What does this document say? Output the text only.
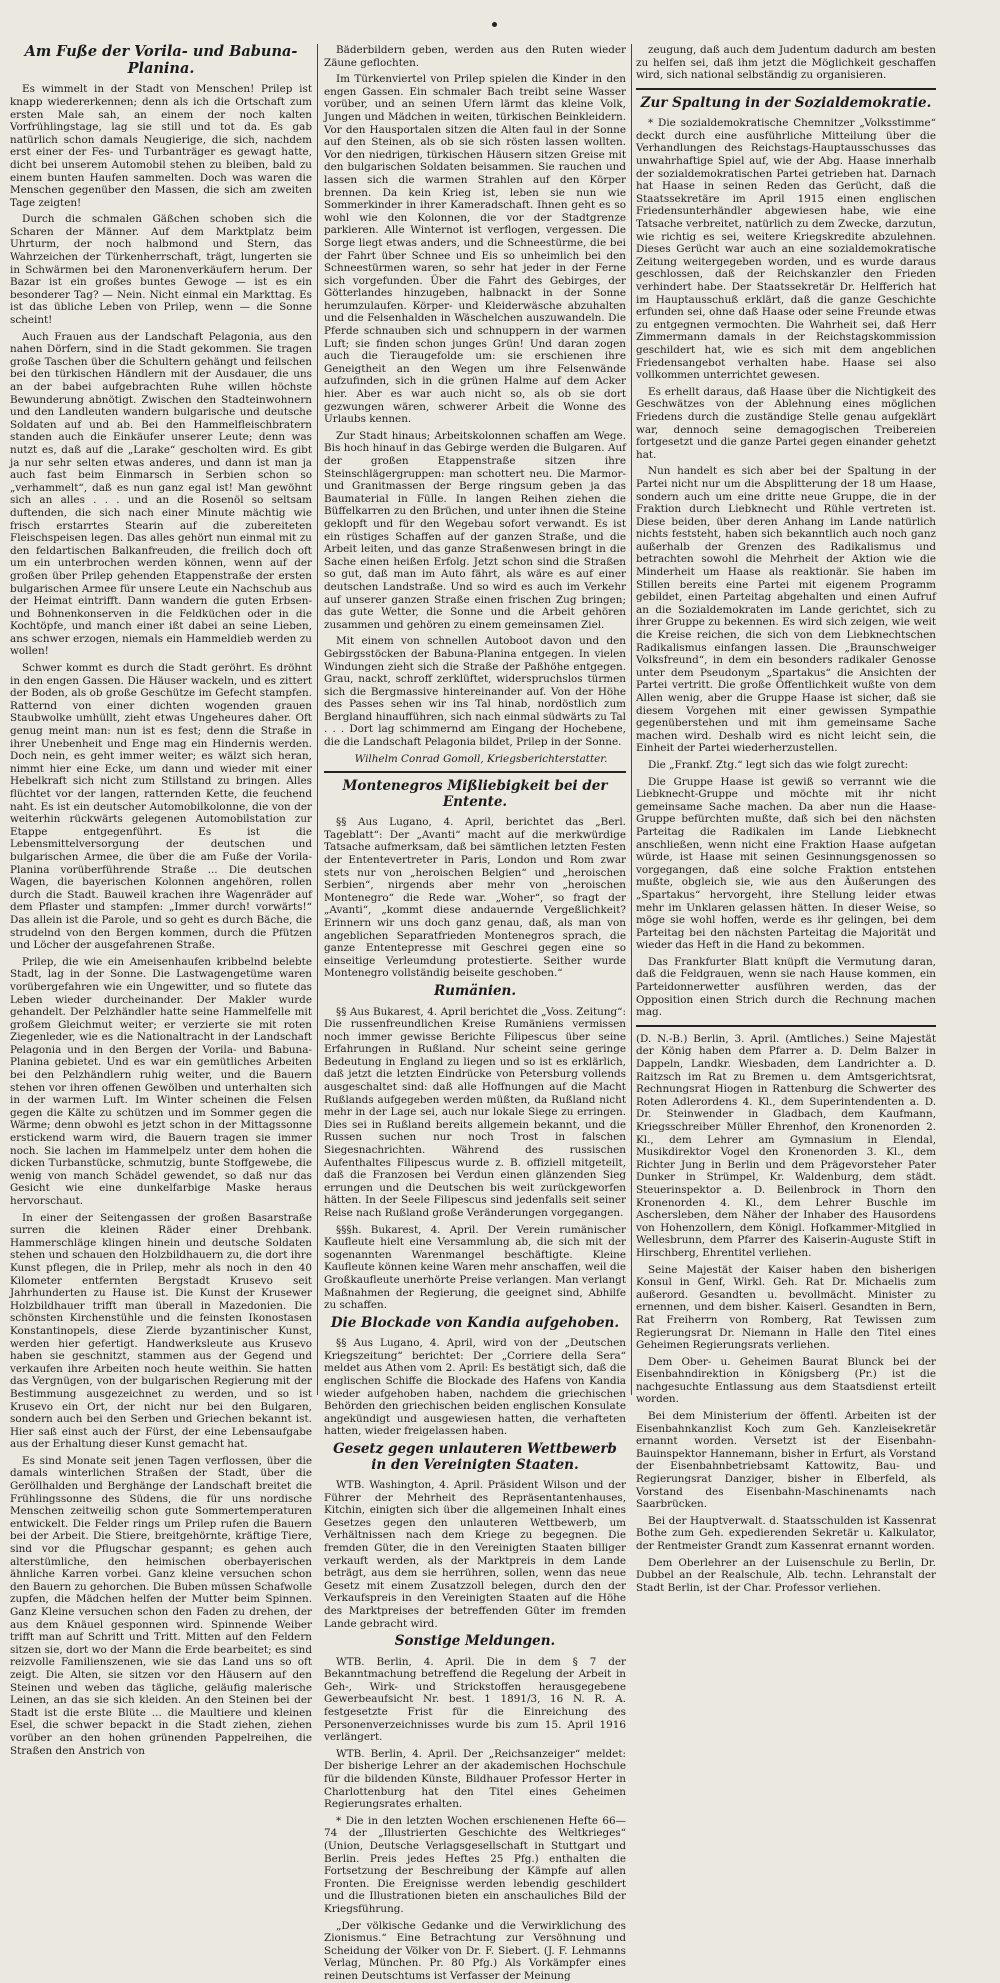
Am Fuße der Vorila- und Babuna-Planina.

Es wimmelt in der Stadt von Menschen! Prilep ist knapp wiedererkennen; denn als ich die Ortschaft zum ersten Male sah, an einem der noch kalten Vorfrühlingstage, lag sie still und tot da. Es gab natürlich schon damals Neugierige, die sich, nachdem erst einer der Fes- und Turbanträger es gewagt hatte, dicht bei unserem Automobil stehen zu bleiben, bald zu einem bunten Haufen sammelten. Doch was waren die Menschen gegenüber den Massen, die sich am zweiten Tage zeigten!

Durch die schmalen Gäßchen schoben sich die Scharen der Männer. Auf dem Marktplatz beim Uhrturm, der noch halbmond und Stern, das Wahrzeichen der Türkenherrschaft, trägt, lungerten sie in Schwärmen bei den Maronenverkäufern herum. Der Bazar ist ein großes buntes Gewoge — ist es ein besonderer Tag? — Nein. Nicht einmal ein Markttag. Es ist das übliche Leben von Prilep, wenn — die Sonne scheint!

Auch Frauen aus der Landschaft Pelagonia, aus den nahen Dörfern, sind in die Stadt gekommen. Sie tragen große Taschen über die Schultern gehängt und feilschen bei den türkischen Händlern mit der Ausdauer, die uns an der babei aufgebrachten Ruhe willen höchste Bewunderung abnötigt. Zwischen den Stadteinwohnern und den Landleuten wandern bulgarische und deutsche Soldaten auf und ab. Bei den Hammelfleischbratern standen auch die Einkäufer unserer Leute; denn was nutzt es, daß auf die „Larake“ gescholten wird. Es gibt ja nur sehr selten etwas anderes, und dann ist man ja auch fast beim Einmarsch in Serbien schon so „verhammelt“, daß es nun ganz egal ist! Man gewöhnt sich an alles . . . und an die Rosenöl so seltsam duftenden, die sich nach einer Minute mächtig wie frisch erstarrtes Stearin auf die zubereiteten Fleischspeisen legen. Das alles gehört nun einmal mit zu den feldartischen Balkanfreuden, die freilich doch oft um ein unterbrochen werden können, wenn auf der großen über Prilep gehenden Etappenstraße der ersten bulgarischen Armee für unsere Leute ein Nachschub aus der Heimat eintrifft. Dann wandern die guten Erbsen- und Bohnenkonserven in die Feldküchen oder in die Kochtöpfe, und manch einer ißt dabei an seine Lieben, ans schwer erzogen, niemals ein Hammeldieb werden zu wollen!

Schwer kommt es durch die Stadt geröhrt. Es dröhnt in den engen Gassen. Die Häuser wackeln, und es zittert der Boden, als ob große Geschütze im Gefecht stampfen. Ratternd von einer dichten wogenden grauen Staubwolke umhüllt, zieht etwas Ungeheures daher. Oft genug meint man: nun ist es fest; denn die Straße in ihrer Unebenheit und Enge mag ein Hindernis werden. Doch nein, es geht immer weiter; es wälzt sich heran, nimmt hier eine Ecke, um dann und wieder mit einer Hebelkraft sich nicht zum Stillstand zu bringen. Alles flüchtet vor der langen, ratternden Kette, die feuchend naht. Es ist ein deutscher Automobilkolonne, die von der weiterhin rückwärts gelegenen Automobilstation zur Etappe entgegenführt. Es ist die Lebensmittelversorgung der deutschen und bulgarischen Armee, die über die am Fuße der Vorila-Planina vorüberführende Straße ... Die deutschen Wagen, die bayerischen Kolonnen angehören, rollen durch die Stadt. Bauweil krachen ihre Wagenräder auf dem Pflaster und stampfen: „Immer durch! vorwärts!“ Das allein ist die Parole, und so geht es durch Bäche, die strudelnd von den Bergen kommen, durch die Pfützen und Löcher der ausgefahrenen Straße.

Prilep, die wie ein Ameisenhaufen kribbelnd belebte Stadt, lag in der Sonne. Die Lastwagengetüme waren vorübergefahren wie ein Ungewitter, und so flutete das Leben wieder durcheinander. Der Makler wurde gehandelt. Der Pelzhändler hatte seine Hammelfelle mit großem Gleichmut weiter; er verzierte sie mit roten Ziegenleder, wie es die Nationaltracht in der Landschaft Pelagonia und in den Bergen der Vorila- und Babuna-Planina gebietet. Und es war ein gemütliches Arbeiten bei den Pelzhändlern ruhig weiter, und die Bauern stehen vor ihren offenen Gewölben und unterhalten sich in der warmen Luft. Im Winter scheinen die Felsen gegen die Kälte zu schützen und im Sommer gegen die Wärme; denn obwohl es jetzt schon in der Mittagssonne erstickend warm wird, die Bauern tragen sie immer noch. Sie lachen im Hammelpelz unter dem hohen die dicken Turbanstücke, schmutzig, bunte Stoffgewebe, die wenig von manch Schädel gewendet, so daß nur das Gesicht wie eine dunkelfarbige Maske heraus hervorschaut.

In einer der Seitengassen der großen Basarstraße surren die kleinen Räder einer Drehbank. Hammerschläge klingen hinein und deutsche Soldaten stehen und schauen den Holzbildhauern zu, die dort ihre Kunst pflegen, die in Prilep, mehr als noch in den 40 Kilometer entfernten Bergstadt Krusevo seit Jahrhunderten zu Hause ist. Die Kunst der Krusewer Holzbildhauer trifft man überall in Mazedonien. Die schönsten Kirchenstühle und die feinsten Ikonostasen Konstantinopels, diese Zierde byzantinischer Kunst, werden hier gefertigt. Handwerksleute aus Krusevo haben sie geschnitzt, stammen aus der Gegend und verkaufen ihre Arbeiten noch heute weithin. Sie hatten das Vergnügen, von der bulgarischen Regierung mit der Bestimmung ausgezeichnet zu werden, und so ist Krusevo ein Ort, der nicht nur bei den Bulgaren, sondern auch bei den Serben und Griechen bekannt ist. Hier saß einst auch der Fürst, der eine Lebensaufgabe aus der Erhaltung dieser Kunst gemacht hat.

Es sind Monate seit jenen Tagen verflossen, über die damals winterlichen Straßen der Stadt, über die Geröllhalden und Berghänge der Landschaft breitet die Frühlingssonne des Südens, die für uns nordische Menschen zeitweilig schon gute Sommertemperaturen entwickelt. Die Felder rings um Prilep rufen die Bauern bei der Arbeit. Die Stiere, breitgehörnte, kräftige Tiere, sind vor die Pflugschar gespannt; es gehen auch alterstümliche, den heimischen oberbayerischen ähnliche Karren vorbei. Ganz kleine versuchen schon den Bauern zu gehorchen. Die Buben müssen Schafwolle zupfen, die Mädchen helfen der Mutter beim Spinnen. Ganz Kleine versuchen schon den Faden zu drehen, der aus dem Knäuel gesponnen wird. Spinnende Weiber trifft man auf Schritt und Tritt. Mitten auf den Feldern sitzen sie, dort wo der Mann die Erde bearbeitet; es sind reizvolle Familienszenen, wie sie das Land uns so oft zeigt. Die Alten, sie sitzen vor den Häusern auf den Steinen und weben das tägliche, geläufig malerische Leinen, an das sie sich kleiden. An den Steinen bei der Stadt ist die erste Blüte ... die Maultiere und kleinen Esel, die schwer bepackt in die Stadt ziehen, ziehen vorüber an den hohen grünenden Pappelreihen, die Straßen den Anstrich von

Bäderbildern geben, werden aus den Ruten wieder Zäune geflochten.

Im Türkenviertel von Prilep spielen die Kinder in den engen Gassen. Ein schmaler Bach treibt seine Wasser vorüber, und an seinen Ufern lärmt das kleine Volk, Jungen und Mädchen in weiten, türkischen Beinkleidern. Vor den Hausportalen sitzen die Alten faul in der Sonne auf den Steinen, als ob sie sich rösten lassen wollten. Vor den niedrigen, türkischen Häusern sitzen Greise mit den bulgarischen Soldaten beisammen. Sie rauchen und lassen sich die warmen Strahlen auf den Körper brennen. Da kein Krieg ist, leben sie nun wie Sommerkinder in ihrer Kameradschaft. Ihnen geht es so wohl wie den Kolonnen, die vor der Stadtgrenze parkieren. Alle Winternot ist verflogen, vergessen. Die Sorge liegt etwas anders, und die Schneestürme, die bei der Fahrt über Schnee und Eis so unheimlich bei den Schneestürmen waren, so sehr hat jeder in der Ferne sich vorgefunden. Über die Fahrt des Gebirges, der Götterlandes hinzugeben, halbnackt in der Sonne herumzulaufen. Körper- und Kleiderwäsche abzuhalten und die Felsenhalden in Wäschelchen auszuwandeln. Die Pferde schnauben sich und schnuppern in der warmen Luft; sie finden schon junges Grün! Und daran zogen auch die Tieraugefolde um: sie erschienen ihre Geneigtheit an den Wegen um ihre Felsenwände aufzufinden, sich in die grünen Halme auf dem Acker hier. Aber es war auch nicht so, als ob sie dort gezwungen wären, schwerer Arbeit die Wonne des Urlaubs kennen.

Zur Stadt hinaus; Arbeitskolonnen schaffen am Wege. Bis hoch hinauf in das Gebirge werden die Bulgaren. Auf der großen Etappenstraße sitzen ihre Steinschlägergruppen: man schottert neu. Die Marmor- und Granitmassen der Berge ringsum geben ja das Baumaterial in Fülle. In langen Reihen ziehen die Büffelkarren zu den Brüchen, und unter ihnen die Steine geklopft und für den Wegebau sofort verwandt. Es ist ein rüstiges Schaffen auf der ganzen Straße, und die Arbeit leiten, und das ganze Straßenwesen bringt in die Sache einen heißen Erfolg. Jetzt schon sind die Straßen so gut, daß man im Auto fährt, als wäre es auf einer deutschen Landstraße. Und so wird es auch im Verkehr auf unserer ganzen Straße einen frischen Zug bringen; das gute Wetter, die Sonne und die Arbeit gehören zusammen und gehören zu einem gemeinsamen Ziel.

Mit einem von schnellen Autoboot davon und den Gebirgsstöcken der Babuna-Planina entgegen. In vielen Windungen zieht sich die Straße der Paßhöhe entgegen. Grau, nackt, schroff zerklüftet, widerspruchslos türmen sich die Bergmassive hintereinander auf. Von der Höhe des Passes sehen wir ins Tal hinab, nordöstlich zum Bergland hinaufführen, sich nach einmal südwärts zu Tal . . . Dort lag schimmernd am Eingang der Hochebene, die die Landschaft Pelagonia bildet, Prilep in der Sonne.

Wilhelm Conrad Gomoll, Kriegsberichterstatter.

Montenegros Mißliebigkeit bei der Entente.

§§ Aus Lugano, 4. April, berichtet das „Berl. Tageblatt“: Der „Avanti“ macht auf die merkwürdige Tatsache aufmerksam, daß bei sämtlichen letzten Festen der Ententevertreter in Paris, London und Rom zwar stets nur von „heroischen Belgien“ und „heroischen Serbien“, nirgends aber mehr von „heroischen Montenegro“ die Rede war. „Woher“, so fragt der „Avanti“, „kommt diese andauernde Vergeßlichkeit? Erinnern wir uns doch ganz genau, daß, als man von angeblichen Separatfrieden Montenegros sprach, die ganze Ententepresse mit Geschrei gegen eine so einseitige Verleumdung protestierte. Seither wurde Montenegro vollständig beiseite geschoben.“

Rumänien.

§§ Aus Bukarest, 4. April berichtet die „Voss. Zeitung“: Die russenfreundlichen Kreise Rumäniens vermissen noch immer gewisse Berichte Filipescus über seine Erfahrungen in Rußland. Nur scheint seine geringe Bedeutung in England zu liegen und so ist es erklärlich, daß jetzt die letzten Eindrücke von Petersburg vollends ausgeschaltet sind: daß alle Hoffnungen auf die Macht Rußlands aufgegeben werden müßten, da Rußland nicht mehr in der Lage sei, auch nur lokale Siege zu erringen. Dies sei in Rußland bereits allgemein bekannt, und die Russen suchen nur noch Trost in falschen Siegesnachrichten. Während des russischen Aufenthaltes Filipescus wurde z. B. offiziell mitgeteilt, daß die Franzosen bei Verdun einen glänzenden Sieg errungen und die Deutschen bis weit zurückgeworfen hätten. In der Seele Filipescus sind jedenfalls seit seiner Reise nach Rußland große Veränderungen vorgegangen.

§§§h. Bukarest, 4. April. Der Verein rumänischer Kaufleute hielt eine Versammlung ab, die sich mit der sogenannten Warenmangel beschäftigte. Kleine Kaufleute können keine Waren mehr anschaffen, weil die Großkaufleute unerhörte Preise verlangen. Man verlangt Maßnahmen der Regierung, die geeignet sind, Abhilfe zu schaffen.

Die Blockade von Kandia aufgehoben.

§§ Aus Lugano, 4. April, wird von der „Deutschen Kriegszeitung“ berichtet: Der „Corriere della Sera“ meldet aus Athen vom 2. April: Es bestätigt sich, daß die englischen Schiffe die Blockade des Hafens von Kandia wieder aufgehoben haben, nachdem die griechischen Behörden den griechischen beiden englischen Konsulate angekündigt und ausgewiesen hatten, die verhafteten hatten, wieder freigelassen haben.

Gesetz gegen unlauteren Wettbewerb in den Vereinigten Staaten.

WTB. Washington, 4. April. Präsident Wilson und der Führer der Mehrheit des Repräsentantenhauses, Kitchin, einigten sich über die allgemeinen Inhalt eines Gesetzes gegen den unlauteren Wettbewerb, um Verhältnissen nach dem Kriege zu begegnen. Die fremden Güter, die in den Vereinigten Staaten billiger verkauft werden, als der Marktpreis in dem Lande beträgt, aus dem sie herrühren, sollen, wenn das neue Gesetz mit einem Zusatzzoll belegen, durch den der Verkaufspreis in den Vereinigten Staaten auf die Höhe des Marktpreises der betreffenden Güter im fremden Lande gebracht wird.

Sonstige Meldungen.

WTB. Berlin, 4. April. Die in dem § 7 der Bekanntmachung betreffend die Regelung der Arbeit in Geh-, Wirk- und Strickstoffen herausgegebene Gewerbeaufsicht Nr. best. 1 1891/3, 16 N. R. A. festgesetzte Frist für die Einreichung des Personenverzeichnisses wurde bis zum 15. April 1916 verlängert.

WTB. Berlin, 4. April. Der „Reichsanzeiger“ meldet: Der bisherige Lehrer an der akademischen Hochschule für die bildenden Künste, Bildhauer Professor Herter in Charlottenburg hat den Titel eines Geheimen Regierungsrates erhalten.

* Die in den letzten Wochen erschienenen Hefte 66—74 der „Illustrierten Geschichte des Weltkrieges“ (Union, Deutsche Verlagsgesellschaft in Stuttgart und Berlin. Preis jedes Heftes 25 Pfg.) enthalten die Fortsetzung der Beschreibung der Kämpfe auf allen Fronten. Die Ereignisse werden lebendig geschildert und die Illustrationen bieten ein anschauliches Bild der Kriegsführung.

„Der völkische Gedanke und die Verwirklichung des Zionismus.“ Eine Betrachtung zur Versöhnung und Scheidung der Völker von Dr. F. Siebert. (J. F. Lehmanns Verlag, München. Pr. 80 Pfg.) Als Vorkämpfer eines reinen Deutschtums ist Verfasser der Meinung

zeugung, daß auch dem Judentum dadurch am besten zu helfen sei, daß ihm jetzt die Möglichkeit geschaffen wird, sich national selbständig zu organisieren.

Zur Spaltung in der Sozialdemokratie.

* Die sozialdemokratische Chemnitzer „Volksstimme“ deckt durch eine ausführliche Mitteilung über die Verhandlungen des Reichstags-Hauptausschusses das unwahrhaftige Spiel auf, wie der Abg. Haase innerhalb der sozialdemokratischen Partei getrieben hat. Darnach hat Haase in seinen Reden das Gerücht, daß die Staatssekretäre im April 1915 einen englischen Friedensunterhändler abgewiesen habe, wie eine Tatsache verbreitet, natürlich zu dem Zwecke, darzutun, wie richtig es sei, weitere Kriegskredite abzulehnen. Dieses Gerücht war auch an eine sozialdemokratische Zeitung weitergegeben worden, und es wurde daraus geschlossen, daß der Reichskanzler den Frieden verhindert habe. Der Staatssekretär Dr. Helfferich hat im Hauptausschuß erklärt, daß die ganze Geschichte erfunden sei, ohne daß Haase oder seine Freunde etwas zu entgegnen vermochten. Die Wahrheit sei, daß Herr Zimmermann damals in der Reichstagskommission geschildert hat, wie es sich mit dem angeblichen Friedensangebot verhalten habe. Haase sei also vollkommen unterrichtet gewesen.

Es erhellt daraus, daß Haase über die Nichtigkeit des Geschwätzes von der Ablehnung eines möglichen Friedens durch die zuständige Stelle genau aufgeklärt war, dennoch seine demagogischen Treibereien fortgesetzt und die ganze Partei gegen einander gehetzt hat.

Nun handelt es sich aber bei der Spaltung in der Partei nicht nur um die Absplitterung der 18 um Haase, sondern auch um eine dritte neue Gruppe, die in der Fraktion durch Liebknecht und Rühle vertreten ist. Diese beiden, über deren Anhang im Lande natürlich nichts feststeht, haben sich bekanntlich auch noch ganz außerhalb der Grenzen des Radikalismus und betrachten sowohl die Mehrheit der Aktion wie die Minderheit um Haase als reaktionär. Sie haben im Stillen bereits eine Partei mit eigenem Programm gebildet, einen Parteitag abgehalten und einen Aufruf an die Sozialdemokraten im Lande gerichtet, sich zu ihrer Gruppe zu bekennen. Es wird sich zeigen, wie weit die Kreise reichen, die sich von dem Liebknechtschen Radikalismus einfangen lassen. Die „Braunschweiger Volksfreund“, in dem ein besonders radikaler Genosse unter dem Pseudonym „Spartakus“ die Ansichten der Partei vertritt. Die große Öffentlichkeit wußte von dem Allen wenig, aber die Gruppe Haase ist sicher, daß sie diesem Vorgehen mit einer gewissen Sympathie gegenüberstehen und mit ihm gemeinsame Sache machen wird. Deshalb wird es nicht leicht sein, die Einheit der Partei wiederherzustellen.

Die „Frankf. Ztg.“ legt sich das wie folgt zurecht:

Die Gruppe Haase ist gewiß so verrannt wie die Liebknecht-Gruppe und möchte mit ihr nicht gemeinsame Sache machen. Da aber nun die Haase-Gruppe befürchten mußte, daß sich bei den nächsten Parteitag die Radikalen im Lande Liebknecht anschließen, wenn nicht eine Fraktion Haase aufgetan würde, ist Haase mit seinen Gesinnungsgenossen so vorgegangen, daß eine solche Fraktion entstehen mußte, obgleich sie, wie aus den Äußerungen des „Spartakus“ hervorgeht, ihre Stellung leider etwas mehr im Unklaren gelassen hätten. In dieser Weise, so möge sie wohl hoffen, werde es ihr gelingen, bei dem Parteitag bei den nächsten Parteitag die Majorität und wieder das Heft in die Hand zu bekommen.

Das Frankfurter Blatt knüpft die Vermutung daran, daß die Feldgrauen, wenn sie nach Hause kommen, ein Parteidonnerwetter ausführen werden, das der Opposition einen Strich durch die Rechnung machen mag.

(D. N.-B.) Berlin, 3. April. (Amtliches.) Seine Majestät der König haben dem Pfarrer a. D. Delm Balzer in Dappeln, Landkr. Wiesbaden, dem Landrichter a. D. Raitzsch im Rat zu Bremen u. dem Amtsgerichtsrat, Rechnungsrat Hiogen in Rattenburg die Schwerter des Roten Adlerordens 4. Kl., dem Superintendenten a. D. Dr. Steinwender in Gladbach, dem Kaufmann, Kriegsschreiber Müller Ehrenhof, den Kronenorden 2. Kl., dem Lehrer am Gymnasium in Elendal, Musikdirektor Vogel den Kronenorden 3. Kl., dem Richter Jung in Berlin und dem Prägevorsteher Pater Dunker in Strümpel, Kr. Waldenburg, dem städt. Steuerinspektor a. D. Beilenbrock in Thorn den Kronenorden 4. Kl., dem Lehrer Buschle im Aschersleben, dem Näher der Inhaber des Hausordens von Hohenzollern, dem Königl. Hofkammer-Mitglied in Wellesbrunn, dem Pfarrer des Kaiserin-Auguste Stift in Hirschberg, Ehrentitel verliehen.

Seine Majestät der Kaiser haben den bisherigen Konsul in Genf, Wirkl. Geh. Rat Dr. Michaelis zum außerord. Gesandten u. bevollmächt. Minister zu ernennen, und dem bisher. Kaiserl. Gesandten in Bern, Rat Freiherrn von Romberg, Rat Tewissen zum Regierungsrat Dr. Niemann in Halle den Titel eines Geheimen Regierungsrats verliehen.

Dem Ober- u. Geheimen Baurat Blunck bei der Eisenbahndirektion in Königsberg (Pr.) ist die nachgesuchte Entlassung aus dem Staatsdienst erteilt worden.

Bei dem Ministerium der öffentl. Arbeiten ist der Eisenbahnkanzlist Koch zum Geh. Kanzleisekretär ernannt worden. Versetzt ist der Eisenbahn-Bauinspektor Hannemann, bisher in Erfurt, als Vorstand der Eisenbahnbetriebsamt Kattowitz, Bau- und Regierungsrat Danziger, bisher in Elberfeld, als Vorstand des Eisenbahn-Maschinenamts nach Saarbrücken.

Bei der Hauptverwalt. d. Staatsschulden ist Kassenrat Bothe zum Geh. expedierenden Sekretär u. Kalkulator, der Rentmeister Grandt zum Kassenrat ernannt worden.

Dem Oberlehrer an der Luisenschule zu Berlin, Dr. Dubbel an der Realschule, Alb. techn. Lehranstalt der Stadt Berlin, ist der Char. Professor verliehen.
